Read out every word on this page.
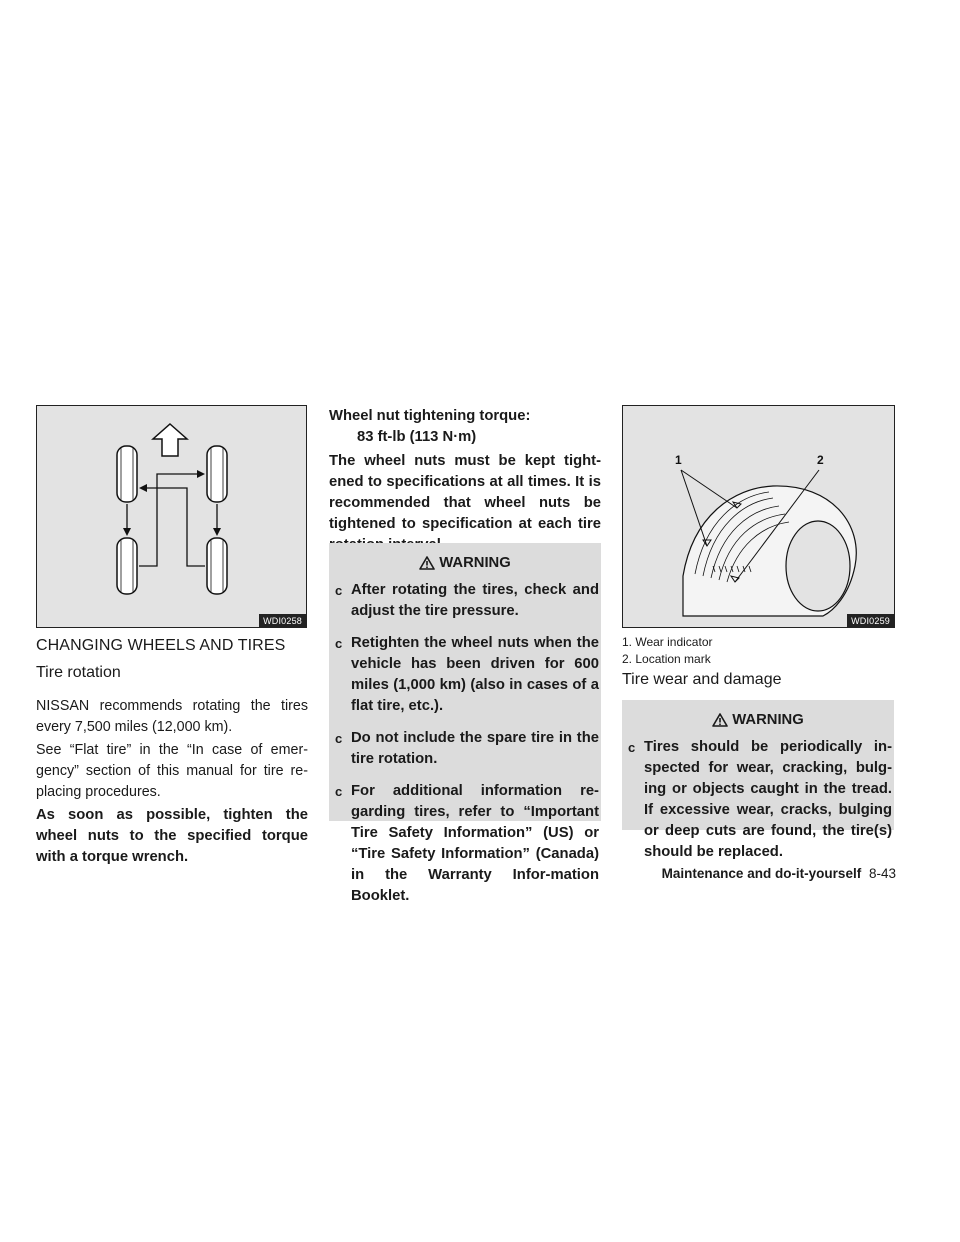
WDI0258
CHANGING WHEELS AND TIRES
Tire rotation
NISSAN recommends rotating the tires every 7,500 miles (12,000 km).
See “Flat tire” in the “In case of emer-gency” section of this manual for tire re-placing procedures.
As soon as possible, tighten the wheel nuts to the specified torque with a torque wrench.
Wheel nut tightening torque:
83 ft-lb (113 N·m)
The wheel nuts must be kept tight-ened to specifications at all times. It is recommended that wheel nuts be tightened to specification at each tire
WARNING
c After rotating the tires, check and adjust the tire pressure.
c Retighten the wheel nuts when the vehicle has been driven for 600 miles (1,000 km) (also in cases of a flat tire, etc.).
c Do not include the spare tire in the tire rotation.
c For additional information re-garding tires, refer to “Important Tire Safety Information” (US) or “Tire Safety Information” (Canada) in the Warranty Infor-mation Booklet.
1	2
WDI0259
1. Wear indicator
2. Location mark
Tire wear and damage
WARNING
c Tires should be periodically in-spected for wear, cracking, bulg-ing or objects caught in the tread. If excessive wear, cracks, bulging or deep cuts are found, the tire(s) should be replaced.
Maintenance and do-it-yourself 8-43
